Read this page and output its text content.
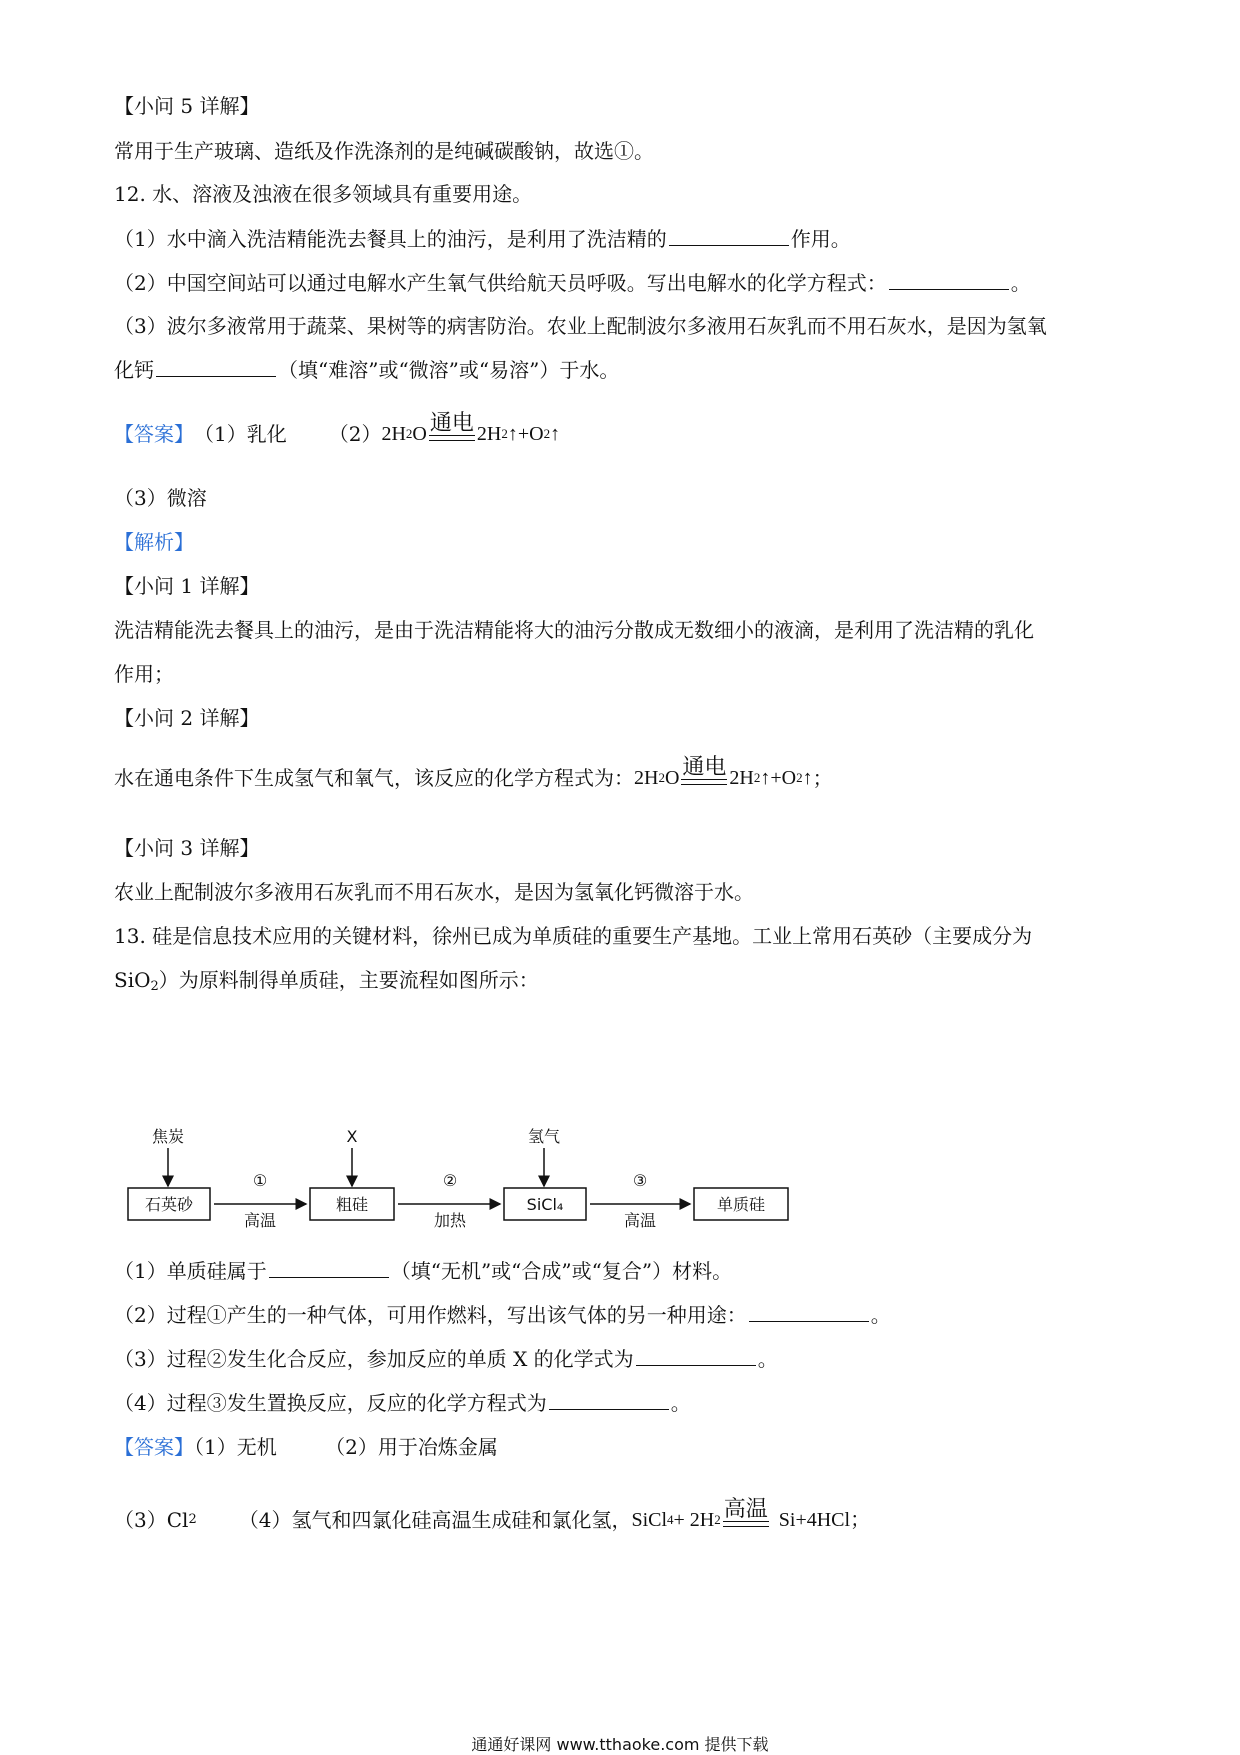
【小问 5 详解】
常用于生产玻璃、造纸及作洗涤剂的是纯碱碳酸钠，故选①。
12. 水、溶液及浊液在很多领域具有重要用途。
（1）水中滴入洗洁精能洗去餐具上的油污，是利用了洗洁精的	作用。
（2）中国空间站可以通过电解水产生氧气供给航天员呼吸。写出电解水的化学方程式：	。
（3）波尔多液常用于蔬菜、果树等的病害防治。农业上配制波尔多液用石灰乳而不用石灰水，是因为氢氧
化钙	（填“难溶”或“微溶”或“易溶”）于水。
【答案】 （1）乳化 （2） 2H 2 O 通电 2H 2 ↑+O 2 ↑
（3）微溶
【解析】
【小问 1 详解】
洗洁精能洗去餐具上的油污，是由于洗洁精能将大的油污分散成无数细小的液滴，是利用了洗洁精的乳化
作用；
【小问 2 详解】
水在通电条件下生成氢气和氧气，该反应的化学方程式为： 2H 2 O 通电 2H 2 ↑+O 2 ↑ ；
【小问 3 详解】
农业上配制波尔多液用石灰乳而不用石灰水，是因为氢氧化钙微溶于水。
13. 硅是信息技术应用的关键材料，徐州已成为单质硅的重要生产基地。工业上常用石英砂（主要成分为
SiO$_2$）为原料制得单质硅，主要流程如图所示：
焦炭	X	氢气
石英砂	粗硅	SiCl₄	单质硅
①
高温
②
加热
③
高温
（1）单质硅属于	（填“无机”或“合成”或“复合”）材料。
（2）过程①产生的一种气体，可用作燃料，写出该气体的另一种用途：	。
（3）过程②发生化合反应，参加反应的单质 X 的化学式为	。
（4）过程③发生置换反应，反应的化学方程式为	。
【答案】（1）无机 （2）用于冶炼金属
（3）Cl 2 （4）氢气和四氯化硅高温生成硅和氯化氢， SiCl 4 + 2H 2 高温 Si+4HCl；
通通好课网 www.tthaoke.com 提供下载
